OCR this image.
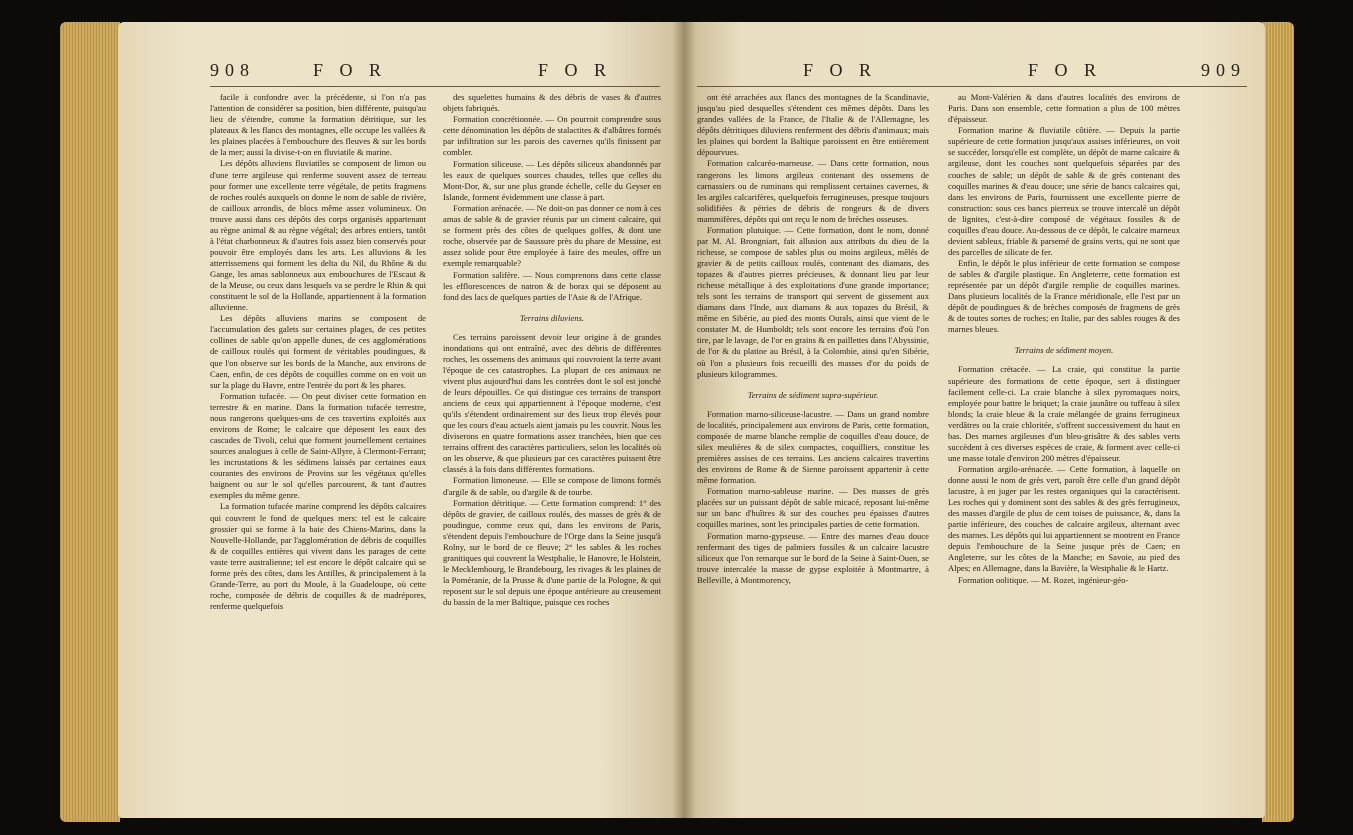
908	F O R	F O R

facile à confondre avec la précédente, si l'on n'a pas l'attention de considérer sa position, bien différente, puisqu'au lieu de s'étendre, comme la formation détritique, sur les plateaux & les flancs des montagnes, elle occupe les vallées & les plaines placées à l'embouchure des fleuves & sur les bords de la mer; aussi la divise-t-on en fluviatile & marine.

Les dépôts alluviens fluviatiles se composent de limon ou d'une terre argileuse qui renferme souvent assez de terreau pour former une excellente terre végétale, de petits fragmens de roches roulés auxquels on donne le nom de sable de rivière, de cailloux arrondis, de blocs même assez volumineux. On trouve aussi dans ces dépôts des corps organisés appartenant au règne animal & au règne végétal; des arbres entiers, tantôt à l'état charbonneux & d'autres fois assez bien conservés pour pouvoir être employés dans les arts. Les alluvions & les atterrissemens qui forment les delta du Nil, du Rhône & du Gange, les amas sablonneux aux embouchures de l'Escaut & de la Meuse, ou ceux dans lesquels va se perdre le Rhin & qui constituent le sol de la Hollande, appartiennent à la formation alluvienne.

Les dépôts alluviens marins se composent de l'accumulation des galets sur certaines plages, de ces petites collines de sable qu'on appelle dunes, de ces agglomérations de cailloux roulés qui forment de véritables poudingues, & que l'on observe sur les bords de la Manche, aux environs de Caen, enfin, de ces dépôts de coquilles comme on en voit un sur la plage du Havre, entre l'entrée du port & les phares.

Formation tufacée. — On peut diviser cette formation en terrestre & en marine. Dans la formation tufacée terrestre, nous rangerons quelques-uns de ces travertins exploités aux environs de Rome; le calcaire que déposent les eaux des cascades de Tivoli, celui que forment journellement certaines sources analogues à celle de Saint-Allyre, à Clermont-Ferrant; les incrustations & les sédimens laissés par certaines eaux courantes des environs de Provins sur les végétaux qu'elles baignent ou sur le sol qu'elles parcourent, & tant d'autres exemples du même genre.

La formation tufacée marine comprend les dépôts calcaires qui couvrent le fond de quelques mers: tel est le calcaire grossier qui se forme à la baie des Chiens-Marins, dans la Nouvelle-Hollande, par l'agglomération de débris de coquilles & de coquilles entières qui vivent dans les parages de cette vaste terre australienne; tel est encore le dépôt calcaire qui se forme près des côtes, dans les Antilles, & principalement à la Grande-Terre, au port du Moule, à la Guadeloupe, où cette roche, composée de débris de coquilles & de madrépores, renferme quelquefois

des squelettes humains & des débris de vases & d'autres objets fabriqués.

Formation concrétionnée. — On pourroit comprendre sous cette dénomination les dépôts de stalactites & d'albâtres formés par infiltration sur les parois des cavernes qu'ils finissent par combler.

Formation siliceuse. — Les dépôts siliceux abandonnés par les eaux de quelques sources chaudes, telles que celles du Mont-Dor, &, sur une plus grande échelle, celle du Geyser en Islande, forment évidemment une classe à part.

Formation arénacée. — Ne doit-on pas donner ce nom à ces amas de sable & de gravier réunis par un ciment calcaire, qui se forment près des côtes de quelques golfes, & dont une roche, observée par de Saussure près du phare de Messine, est assez solide pour être employée à faire des meules, offre un exemple remarquable?

Formation salifère. — Nous comprenons dans cette classe les efflorescences de natron & de borax qui se déposent au fond des lacs de quelques parties de l'Asie & de l'Afrique.

Terrains diluviens.

Ces terrains paroissent devoir leur origine à de grandes inondations qui ont entraîné, avec des débris de différentes roches, les ossemens des animaux qui couvroient la terre avant l'époque de ces catastrophes. La plupart de ces animaux ne vivent plus aujourd'hui dans les contrées dont le sol est jonché de leurs dépouilles. Ce qui distingue ces terrains de transport anciens de ceux qui appartiennent à l'époque moderne, c'est qu'ils s'étendent ordinairement sur des lieux trop élevés pour que les cours d'eau actuels aient jamais pu les couvrir. Nous les diviserons en quatre formations assez tranchées, bien que ces terrains offrent des caractères particuliers, selon les localités où on les observe, & que plusieurs par ces caractères puissent être classés à la fois dans différentes formations.

Formation limoneuse. — Elle se compose de limons formés d'argile & de sable, ou d'argile & de tourbe.

Formation détritique. — Cette formation comprend: 1° des dépôts de gravier, de cailloux roulés, des masses de grès & de poudingue, comme ceux qui, dans les environs de Paris, s'étendent depuis l'embouchure de l'Orge dans la Seine jusqu'à Rolny, sur le bord de ce fleuve; 2° les sables & les roches granitiques qui couvrent la Westphalie, le Hanovre, le Holstein, le Mecklembourg, le Brandebourg, les rivages & les plaines de la Poméranie, de la Prusse & d'une partie de la Pologne, & qui reposent sur le sol depuis une époque antérieure au creusement du bassin de la mer Baltique, puisque ces roches

F O R	F O R	909

ont été arrachées aux flancs des montagnes de la Scandinavie, jusqu'au pied desquelles s'étendent ces mêmes dépôts. Dans les grandes vallées de la France, de l'Italie & de l'Allemagne, les dépôts détritiques diluviens renferment des débris d'animaux; mais les plaines qui bordent la Baltique paroissent en être entièrement dépourvues.

Formation calcaréo-marneuse. — Dans cette formation, nous rangerons les limons argileux contenant des ossemens de carnassiers ou de ruminans qui remplissent certaines cavernes, & les argiles calcarifères, quelquefois ferrugineuses, presque toujours solidifiées & pétries de débris de rongeurs & de divers mammifères, dépôts qui ont reçu le nom de brèches osseuses.

Formation plutuique. — Cette formation, dont le nom, donné par M. Al. Brongniart, fait allusion aux attributs du dieu de la richesse, se compose de sables plus ou moins argileux, mêlés de gravier & de petits cailloux roulés, contenant des diamans, des topazes & d'autres pierres précieuses, & donnant lieu par leur richesse métallique à des exploitations d'une grande importance; tels sont les terrains de transport qui servent de gissement aux diamans dans l'Inde, aux diamans & aux topazes du Brésil, & même en Sibérie, au pied des monts Ourals, ainsi que vient de le constater M. de Humboldt; tels sont encore les terrains d'où l'on tire, par le lavage, de l'or en grains & en paillettes dans l'Abyssinie, de l'or & du platine au Brésil, à la Colombie, ainsi qu'en Sibérie, où l'on a plusieurs fois recueilli des masses d'or du poids de plusieurs kilogrammes.

Terrains de sédiment supra-supérieur.

Formation marno-siliceuse-lacustre. — Dans un grand nombre de localités, principalement aux environs de Paris, cette formation, composée de marne blanche remplie de coquilles d'eau douce, de silex meulières & de silex compactes, coquilliers, constitue les premières assises de ces terrains. Les anciens calcaires travertins des environs de Rome & de Sienne paroissent appartenir à cette même formation.

Formation marno-sableuse marine. — Des masses de grès placées sur un puissant dépôt de sable micacé, reposant lui-même sur un banc d'huîtres & sur des couches peu épaisses d'autres coquilles marines, sont les principales parties de cette formation.

Formation marno-gypseuse. — Entre des marnes d'eau douce renfermant des tiges de palmiers fossiles & un calcaire lacustre siliceux que l'on remarque sur le bord de la Seine à Saint-Ouen, se trouve intercalée la masse de gypse exploitée à Montmartre, à Belleville, à Montmorency,

au Mont-Valérien & dans d'autres localités des environs de Paris. Dans son ensemble, cette formation a plus de 100 mètres d'épaisseur.

Formation marine & fluviatile côtière. — Depuis la partie supérieure de cette formation jusqu'aux assises inférieures, on voit se succéder, lorsqu'elle est complète, un dépôt de marne calcaire & argileuse, dont les couches sont quelquefois séparées par des couches de sable; un dépôt de sable & de grès contenant des coquilles marines & d'eau douce; une série de bancs calcaires qui, dans les environs de Paris, fournissent une excellente pierre de construction: sous ces bancs pierreux se trouve intercalé un dépôt de lignites, c'est-à-dire composé de végétaux fossiles & de coquilles d'eau douce. Au-dessous de ce dépôt, le calcaire marneux devient sableux, friable & parsemé de grains verts, qui ne sont que des parcelles de silicate de fer.

Enfin, le dépôt le plus inférieur de cette formation se compose de sables & d'argile plastique. En Angleterre, cette formation est représentée par un dépôt d'argile remplie de coquilles marines. Dans plusieurs localités de la France méridionale, elle l'est par un dépôt de poudingues & de brèches composés de fragmens de grès & de toutes sortes de roches; en Italie, par des sables rouges & des marnes bleues.

Terrains de sédiment moyen.

Formation crétacée. — La craie, qui constitue la partie supérieure des formations de cette époque, sert à distinguer facilement celle-ci. La craie blanche à silex pyromaques noirs, employée pour battre le briquet; la craie jaunâtre ou tuffeau à silex blonds; la craie bleue & la craie mélangée de grains ferrugineux verdâtres ou la craie chloritée, s'offrent successivement du haut en bas. Des marnes argileuses d'un bleu-grisâtre & des sables verts succèdent à ces diverses espèces de craie, & forment avec celle-ci une masse totale d'environ 200 mètres d'épaisseur.

Formation argilo-arénacée. — Cette formation, à laquelle on donne aussi le nom de grès vert, paroît être celle d'un grand dépôt lacustre, à en juger par les restes organiques qui la caractérisent. Les roches qui y dominent sont des sables & des grès ferrugineux, des masses d'argile de plus de cent toises de puissance, &, dans la partie inférieure, des couches de calcaire argileux, alternant avec des marnes. Les dépôts qui lui appartiennent se montrent en France depuis l'embouchure de la Seine jusque près de Caen; en Angleterre, sur les côtes de la Manche; en Savoie, au pied des Alpes; en Allemagne, dans la Bavière, la Westphalie & le Hartz.

Formation oolitique. — M. Rozet, ingénieur-géo-
